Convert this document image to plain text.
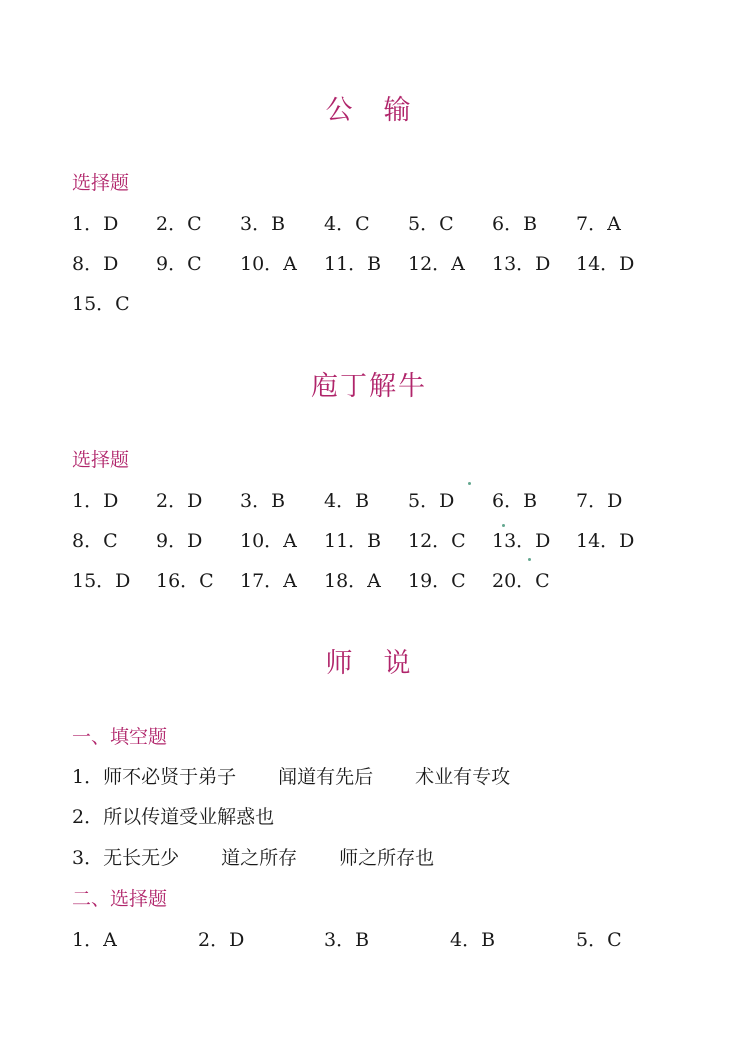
公　输
选择题
1．D 2．C 3．B 4．C 5．C 6．B 7．A
8．D 9．C 10．A 11．B 12．A 13．D 14．D
15．C
庖丁解牛
选择题
1．D 2．D 3．B 4．B 5．D 6．B 7．D
8．C 9．D 10．A 11．B 12．C 13．D 14．D
15．D 16．C 17．A 18．A 19．C 20．C
师　说
一、填空题
1．师不必贤于弟子 闻道有先后 术业有专攻
2．所以传道受业解惑也
3．无长无少 道之所存 师之所存也
二、选择题
1．A	2．D	3．B	4．B	5．C
